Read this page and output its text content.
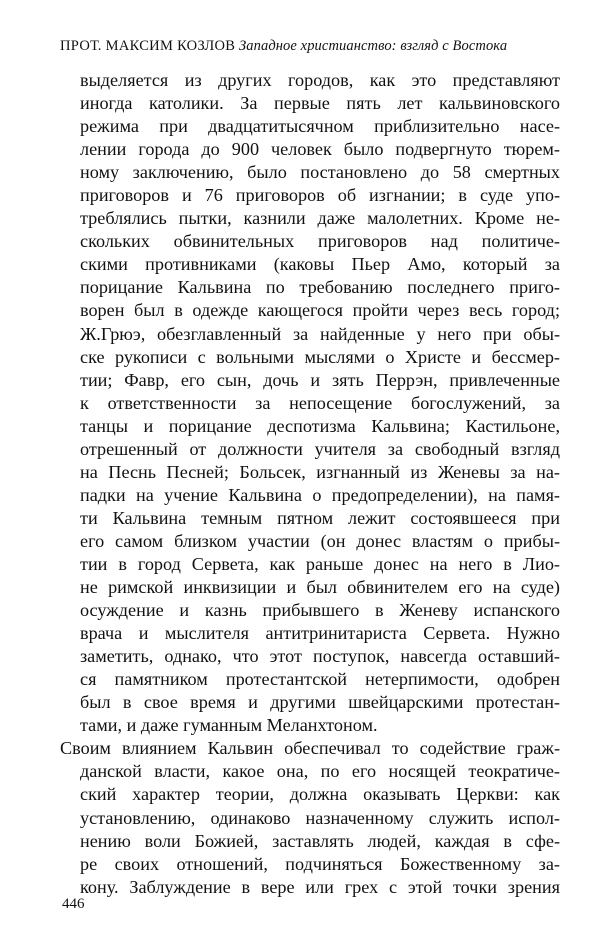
ПРОТ. МАКСИМ КОЗЛОВ Западное христианство: взгляд с Востока
выделяется из других городов, как это представляют
иногда католики. За первые пять лет кальвиновского
режима при двадцатитысячном приблизительно насе-
лении города до 900 человек было подвергнуто тюрем-
ному заключению, было постановлено до 58 смертных
приговоров и 76 приговоров об изгнании; в суде упо-
треблялись пытки, казнили даже малолетних. Кроме не-
скольких обвинительных приговоров над политиче-
скими противниками (каковы Пьер Амо, который за
порицание Кальвина по требованию последнего приго-
ворен был в одежде кающегося пройти через весь город;
Ж.Грюэ, обезглавленный за найденные у него при обы-
ске рукописи с вольными мыслями о Христе и бессмер-
тии; Фавр, его сын, дочь и зять Перрэн, привлеченные
к ответственности за непосещение богослужений, за
танцы и порицание деспотизма Кальвина; Кастильоне,
отрешенный от должности учителя за свободный взгляд
на Песнь Песней; Больсек, изгнанный из Женевы за на-
падки на учение Кальвина о предопределении), на памя-
ти Кальвина темным пятном лежит состоявшееся при
его самом близком участии (он донес властям о прибы-
тии в город Сервета, как раньше донес на него в Лио-
не римской инквизиции и был обвинителем его на суде)
осуждение и казнь прибывшего в Женеву испанского
врача и мыслителя антитринитариста Сервета. Нужно
заметить, однако, что этот поступок, навсегда оставший-
ся памятником протестантской нетерпимости, одобрен
был в свое время и другими швейцарскими протестан-
тами, и даже гуманным Меланхтоном.
Своим влиянием Кальвин обеспечивал то содействие граж-
данской власти, какое она, по его носящей теократиче-
ский характер теории, должна оказывать Церкви: как
установлению, одинаково назначенному служить испол-
нению воли Божией, заставлять людей, каждая в сфе-
ре своих отношений, подчиняться Божественному за-
кону. Заблуждение в вере или грех с этой точки зрения
446
